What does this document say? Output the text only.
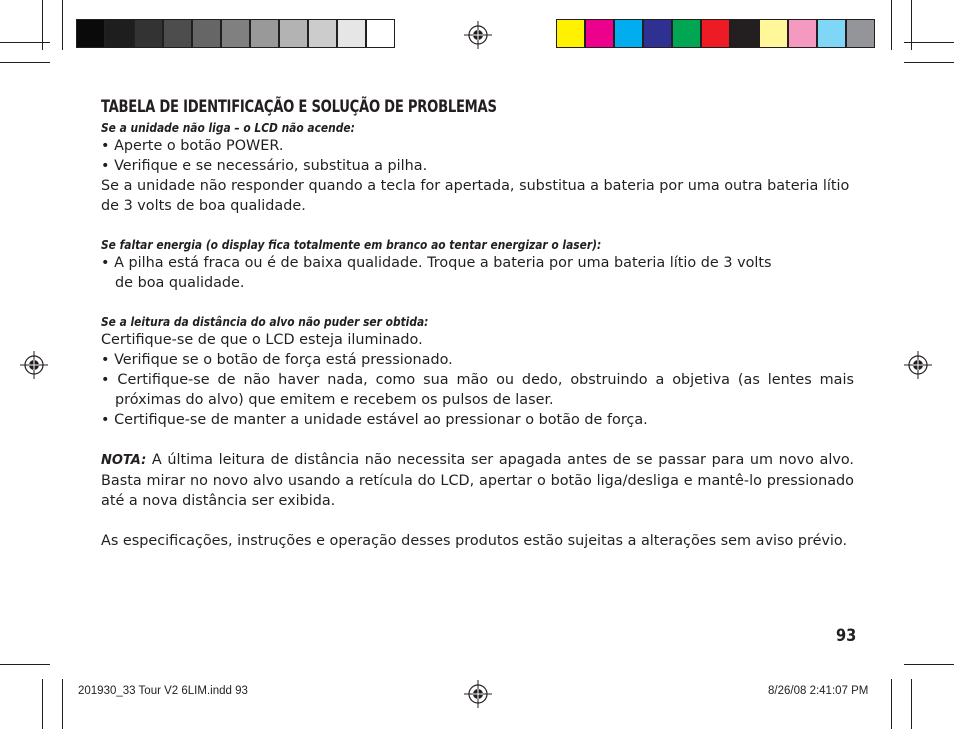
TABELA DE IDENTIFICAÇÃO E SOLUÇÃO DE PROBLEMAS
Se a unidade não liga – o LCD não acende:
• Aperte o botão POWER.
• Verifique e se necessário, substitua a pilha.
Se a unidade não responder quando a tecla for apertada, substitua a bateria por uma outra bateria lítio de 3 volts de boa qualidade.
Se faltar energia (o display fica totalmente em branco ao tentar energizar o laser):
• A pilha está fraca ou é de baixa qualidade. Troque a bateria por uma bateria lítio de 3 volts
de boa qualidade.
Se a leitura da distância do alvo não puder ser obtida:
Certifique-se de que o LCD esteja iluminado.
• Verifique se o botão de força está pressionado.
• Certifique-se de não haver nada, como sua mão ou dedo, obstruindo a objetiva (as lentes mais próximas do alvo) que emitem e recebem os pulsos de laser.
• Certifique-se de manter a unidade estável ao pressionar o botão de força.
NOTA: A última leitura de distância não necessita ser apagada antes de se passar para um novo alvo. Basta mirar no novo alvo usando a retícula do LCD, apertar o botão liga/desliga e mantê-lo pressionado até a nova distância ser exibida.
As especificações, instruções e operação desses produtos estão sujeitas a alterações sem aviso prévio.
93
201930_33 Tour V2 6LIM.indd 93	8/26/08 2:41:07 PM
